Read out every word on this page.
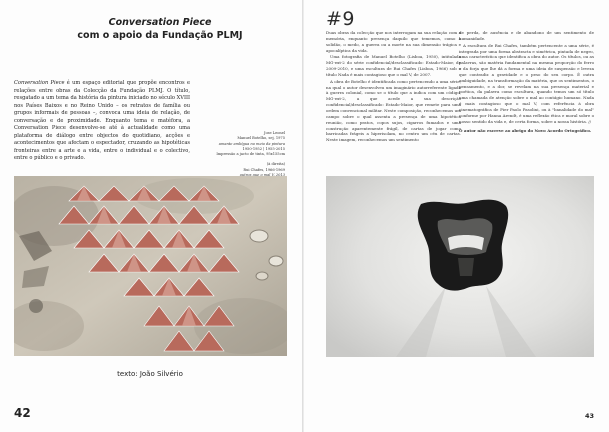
Conversation Piece
com o apoio da Fundação PLMJ
Conversation Piece é um espaço editorial que propõe encontros e relações entre obras da Colecção da Fundação PLMJ. O título, resgatado a um tema da história da pintura iniciado no século XVIII nos Países Baixos e no Reino Unido – os retratos de família ou grupos informais de pessoas –, convoca uma ideia de relação, de conversação e de proximidade. Enquanto tema e matéfora, a Conversation Piece desenvolve-se até à actualidade como uma plataforma de diálogo entre objectos do quotidiano, acções e acontecimentos que afectam o espectador, cruzando as hipotéticas fronteiras entre a arte e a vida, entre o individual e o colectivo, entre o público e o privado.
Jose Leonel
Manuel Botelho, sej, 1975
amante ambígua no meio da pintura
1950-1952 | 1955-2015
Impressão a jacto de tinta, 95x155cm
(à direita)
Rui Chafes, 1966-1969
texto: João Silvério
42
#9

Duas obras da colecção que nos interrogam na sua relação com a memória, enquanto presença daquilo que tememos, como a solidão, o medo, a guerra ou a morte na sua dimensão trágica e apocalíptica da vida.

Uma fotografia de Manuel Botelho (Lisboa, 1950), intitulada MG-ext-2 do série confidencial/desclassificado: Estado-Maior, de 2009-2010, e uma escultura de Rui Chafes (Lisboa, 1966) sob o título Nada é mais contagioso que o mal V, de 2007.

A obra de Botelho é identificada como pertencendo a uma série, na qual o autor desenvolveu um imaginário autorreferente ligado à guerra colonial, como se o título que a indica com um código, MG-ext-2, a que acede a sua descrição confidencial/desclassificado: Estado-Maior, que remete para uma ordem convencional militar. Neste composição, reconhecemos um campo sobre o qual assenta a presença de uma hipotética reunião, como pratos, copos sujos, cigarros fumados e uma construção aparentemente frágil, de cartas de jogar como barricadas frágeis a hiperisolam, no centro um céu de cartas. Neste imagem, reconhecemos um sentimento

de perda, de ausência e de abandono de um sentimento de humanidade.

A escultura de Rui Chafes, também pertencente a uma série, é integrada por uma forma abstracta e simétrica, pintada de negro, uma característica que identifica a obra do autor. Os títulos, ou as palavras, são matéria fundamental na mesma proporção do ferro e da forja que lhe dá a forma e uma ideia de suspensão e leveza que contradiz a gravidade e o peso do seu corpo. É outra ambiguidade, na transformação da matéria, que os sentimentos, o pensamento, e a dor, se revelam na sua presença material e poética, da palavra como escultura, quando temos um só título uma chamada de atenção sobre o mal ao contágio humano. Nada é mais contagioso que o mal V, com referência à obra cinematográfica de Pier Paolo Pasolini, ou à "banalidade do mal" conforme por Hanna Arendt, é uma reflexão ética e moral sobre o nosso sentido da vida e, de certa forma, sobre a nossa história. //

O autor não escreve ao abrigo do Novo Acordo Ortográfico.

43
